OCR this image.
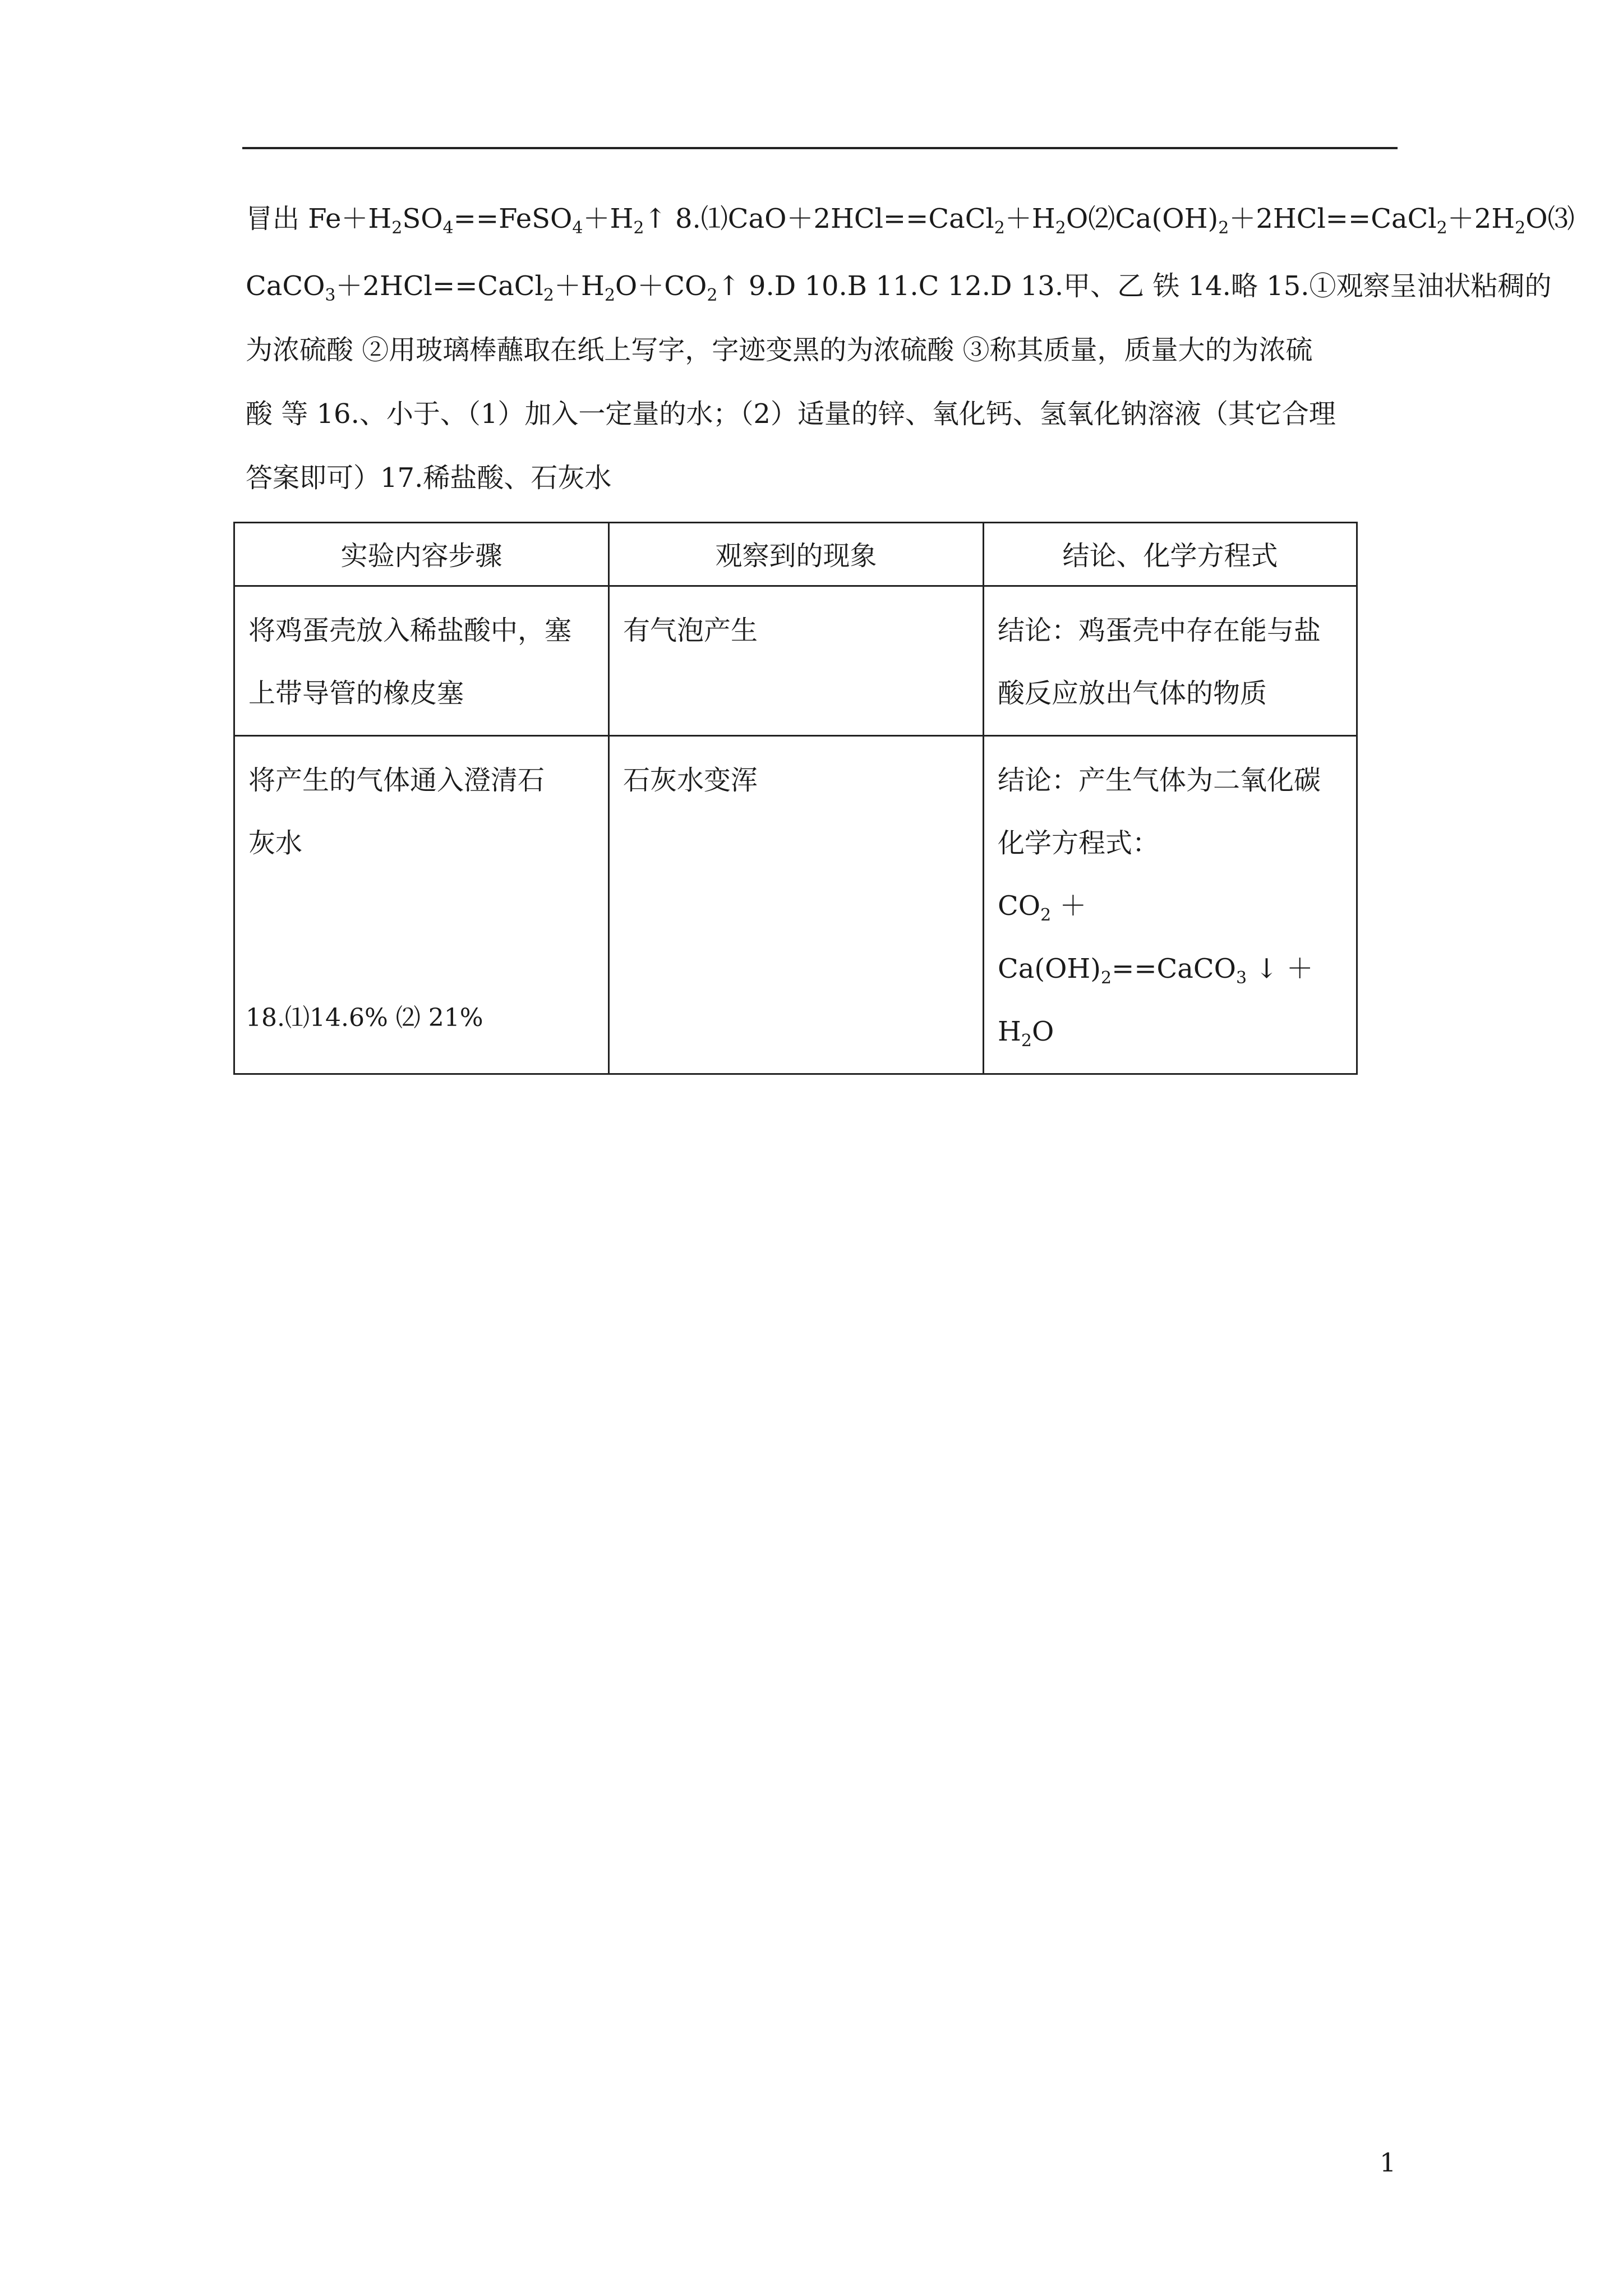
冒出 $Fe+H_2SO_4==FeSO_4+H_2↑$ $8.⑴CaO+2HCl==CaCl_2+H_2O⑵Ca(OH)_2+2HCl==CaCl_2+2H_2O⑶$
$CaCO_3+2HCl==CaCl_2+H_2O+CO_2↑$ 9.D 10.B 11.C 12.D 13.甲、乙 铁 14.略 15.①观察呈油状粘稠的
为浓硫酸 ②用玻璃棒蘸取在纸上写字，字迹变黑的为浓硫酸 ③称其质量，质量大的为浓硫
酸 等 16.、小于、（1）加入一定量的水；（2）适量的锌、氧化钙、氢氧化钠溶液（其它合理
答案即可）17.稀盐酸、石灰水
实验内容步骤	观察到的现象	结论、化学方程式

将鸡蛋壳放入稀盐酸中，塞
上带导管的橡皮塞	有气泡产生	结论：鸡蛋壳中存在能与盐
酸反应放出气体的物质

将产生的气体通入澄清石
灰水	石灰水变浑	结论：产生气体为二氧化碳
化学方程式：
$CO_2$ ＋ $Ca(OH)_2==CaCO_3$ ↓ ＋
$H_2O$
18.⑴14.6% ⑵ 21%
1
